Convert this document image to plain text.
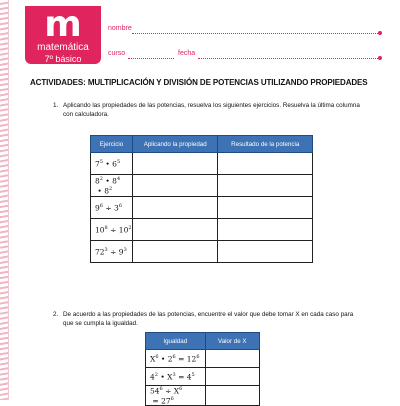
m
matemática
7º básico
nombre
curso	fecha
ACTIVIDADES: MULTIPLICACIÓN Y DIVISIÓN DE POTENCIAS UTILIZANDO PROPIEDADES
1. Aplicando las propiedades de las potencias, resuelva los siguientes ejercicios. Resuelva la última columna con calculadora.
Ejercicio	Aplicando la propiedad	Resultado de la potencia
$7^5$ • $6^5$		
$8^2$ • $8^4$ • $8^2$		
$9^6 \div 3^6$		
$10^8 \div 10^2$		
$72^3 \div 9^3$		
2. De acuerdo a las propiedades de las potencias, encuentre el valor que debe tomar X en cada caso para que se cumpla la igualdad.
Igualdad	Valor de X
$X^6$ • $2^6 = 12^6$	
$4^2$ • $X^3 = 4^5$	
$54^6 \div X^6 = 27^6$	
